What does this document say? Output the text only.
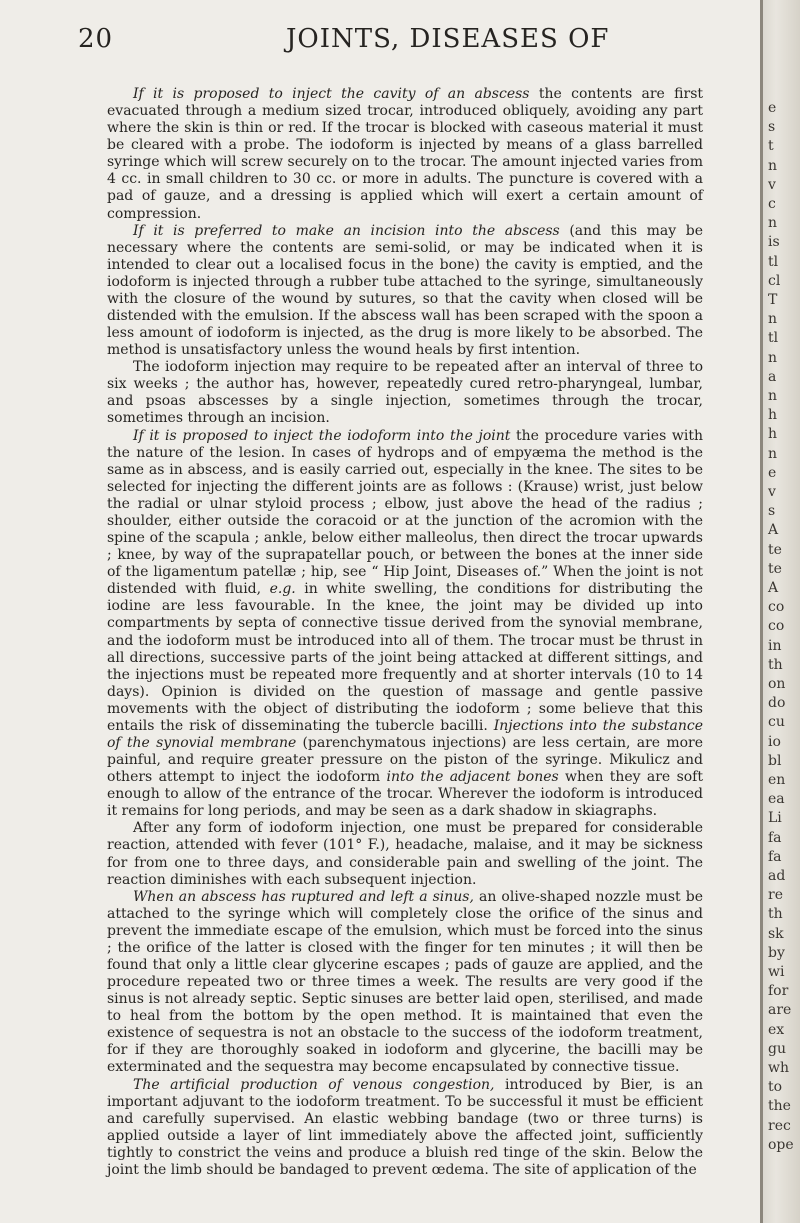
20	JOINTS, DISEASES OF

If it is proposed to inject the cavity of an abscess the contents are first evacuated through a medium sized trocar, introduced obliquely, avoiding any part where the skin is thin or red. If the trocar is blocked with caseous material it must be cleared with a probe. The iodoform is injected by means of a glass barrelled syringe which will screw securely on to the trocar. The amount injected varies from 4 cc. in small children to 30 cc. or more in adults. The puncture is covered with a pad of gauze, and a dressing is applied which will exert a certain amount of compression.

If it is preferred to make an incision into the abscess (and this may be necessary where the contents are semi-solid, or may be indicated when it is intended to clear out a localised focus in the bone) the cavity is emptied, and the iodoform is injected through a rubber tube attached to the syringe, simultaneously with the closure of the wound by sutures, so that the cavity when closed will be distended with the emulsion. If the abscess wall has been scraped with the spoon a less amount of iodoform is injected, as the drug is more likely to be absorbed. The method is unsatisfactory unless the wound heals by first intention.

The iodoform injection may require to be repeated after an interval of three to six weeks ; the author has, however, repeatedly cured retro-pharyngeal, lumbar, and psoas abscesses by a single injection, sometimes through the trocar, sometimes through an incision.

If it is proposed to inject the iodoform into the joint the procedure varies with the nature of the lesion. In cases of hydrops and of empyæma the method is the same as in abscess, and is easily carried out, especially in the knee. The sites to be selected for injecting the different joints are as follows : (Krause) wrist, just below the radial or ulnar styloid process ; elbow, just above the head of the radius ; shoulder, either outside the coracoid or at the junction of the acromion with the spine of the scapula ; ankle, below either malleolus, then direct the trocar upwards ; knee, by way of the suprapatellar pouch, or between the bones at the inner side of the ligamentum patellæ ; hip, see “ Hip Joint, Diseases of.” When the joint is not distended with fluid, e.g. in white swelling, the conditions for distributing the iodine are less favourable. In the knee, the joint may be divided up into compartments by septa of connective tissue derived from the synovial membrane, and the iodoform must be introduced into all of them. The trocar must be thrust in all directions, successive parts of the joint being attacked at different sittings, and the injections must be repeated more frequently and at shorter intervals (10 to 14 days). Opinion is divided on the question of massage and gentle passive movements with the object of distributing the iodoform ; some believe that this entails the risk of disseminating the tubercle bacilli. Injections into the substance of the synovial membrane (parenchymatous injections) are less certain, are more painful, and require greater pressure on the piston of the syringe. Mikulicz and others attempt to inject the iodoform into the adjacent bones when they are soft enough to allow of the entrance of the trocar. Wherever the iodoform is introduced it remains for long periods, and may be seen as a dark shadow in skiagraphs.

After any form of iodoform injection, one must be prepared for considerable reaction, attended with fever (101° F.), headache, malaise, and it may be sickness for from one to three days, and considerable pain and swelling of the joint. The reaction diminishes with each subsequent injection.

When an abscess has ruptured and left a sinus, an olive-shaped nozzle must be attached to the syringe which will completely close the orifice of the sinus and prevent the immediate escape of the emulsion, which must be forced into the sinus ; the orifice of the latter is closed with the finger for ten minutes ; it will then be found that only a little clear glycerine escapes ; pads of gauze are applied, and the procedure repeated two or three times a week. The results are very good if the sinus is not already septic. Septic sinuses are better laid open, sterilised, and made to heal from the bottom by the open method. It is maintained that even the existence of sequestra is not an obstacle to the success of the iodoform treatment, for if they are thoroughly soaked in iodoform and glycerine, the bacilli may be exterminated and the sequestra may become encapsulated by connective tissue.

The artificial production of venous congestion, introduced by Bier, is an important adjuvant to the iodoform treatment. To be successful it must be efficient and carefully supervised. An elastic webbing bandage (two or three turns) is applied outside a layer of lint immediately above the affected joint, sufficiently tightly to constrict the veins and produce a bluish red tinge of the skin. Below the joint the limb should be bandaged to prevent œdema. The site of application of the

e
s
t
n
v
c
n
is
tl
cl
T
n
tl
n
a
n
h
h
n
e
v
s
A
te
te
A
co
co
in
th
on
do
cu
io
bl
en
ea
Li
fa
fa
ad
re
th
sk
by
wi
for
are
ex
gu
wh
to
the
rec
ope
